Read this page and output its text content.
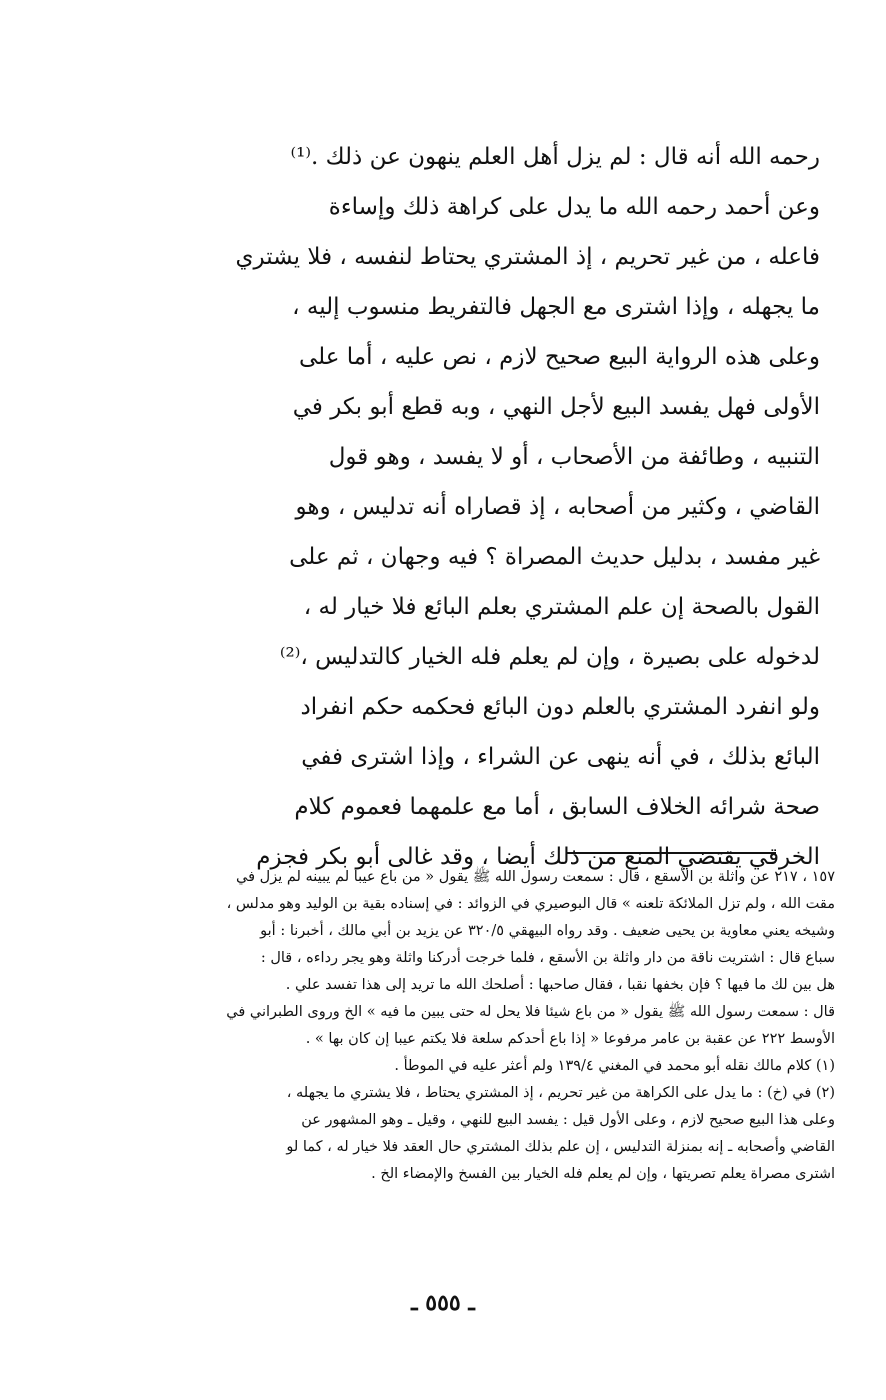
رحمه الله أنه قال : لم يزل أهل العلم ينهون عن ذلك .⁽¹⁾
وعن أحمد رحمه الله ما يدل على كراهة ذلك وإساءة
فاعله ، من غير تحريم ، إذ المشتري يحتاط لنفسه ، فلا يشتري
ما يجهله ، وإذا اشترى مع الجهل فالتفريط منسوب إليه ،
وعلى هذه الرواية البيع صحيح لازم ، نص عليه ، أما على
الأولى فهل يفسد البيع لأجل النهي ، وبه قطع أبو بكر في
التنبيه ، وطائفة من الأصحاب ، أو لا يفسد ، وهو قول
القاضي ، وكثير من أصحابه ، إذ قصاراه أنه تدليس ، وهو
غير مفسد ، بدليل حديث المصراة ؟ فيه وجهان ، ثم على
القول بالصحة إن علم المشتري بعلم البائع فلا خيار له ،
لدخوله على بصيرة ، وإن لم يعلم فله الخيار كالتدليس ،⁽²⁾
ولو انفرد المشتري بالعلم دون البائع فحكمه حكم انفراد
البائع بذلك ، في أنه ينهى عن الشراء ، وإذا اشترى ففي
صحة شرائه الخلاف السابق ، أما مع علمهما فعموم كلام
الخرقي يقتضي المنع من ذلك أيضا ، وقد غالى أبو بكر فجزم
١٥٧ ، ٢١٧ عن واثلة بن الأسقع ، قال : سمعت رسول الله ﷺ يقول « من باع عيبا لم يبينه لم يزل في
مقت الله ، ولم تزل الملائكة تلعنه » قال البوصيري في الزوائد : في إسناده بقية بن الوليد وهو مدلس ،
وشيخه يعني معاوية بن يحيى ضعيف . وقد رواه البيهقي ٣٢٠/٥ عن يزيد بن أبي مالك ، أخبرنا : أبو
سباع قال : اشتريت ناقة من دار واثلة بن الأسقع ، فلما خرجت أدركنا واثلة وهو يجر رداءه ، قال :
هل بين لك ما فيها ؟ فإن بخفها نقبا ، فقال صاحبها : أصلحك الله ما تريد إلى هذا تفسد علي .
قال : سمعت رسول الله ﷺ يقول « من باع شيئا فلا يحل له حتى يبين ما فيه » الخ وروى الطبراني في
الأوسط ٢٢٢ عن عقبة بن عامر مرفوعا « إذا باع أحدكم سلعة فلا يكتم عيبا إن كان بها » .
(١) كلام مالك نقله أبو محمد في المغني ١٣٩/٤ ولم أعثر عليه في الموطأ .
(٢) في (خ) : ما يدل على الكراهة من غير تحريم ، إذ المشتري يحتاط ، فلا يشتري ما يجهله ،
وعلى هذا البيع صحيح لازم ، وعلى الأول قيل : يفسد البيع للنهي ، وقيل ـ وهو المشهور عن
القاضي وأصحابه ـ إنه بمنزلة التدليس ، إن علم بذلك المشتري حال العقد فلا خيار له ، كما لو
اشترى مصراة يعلم تصريتها ، وإن لم يعلم فله الخيار بين الفسخ والإمضاء الخ .
ـ ٥٥٥ ـ
